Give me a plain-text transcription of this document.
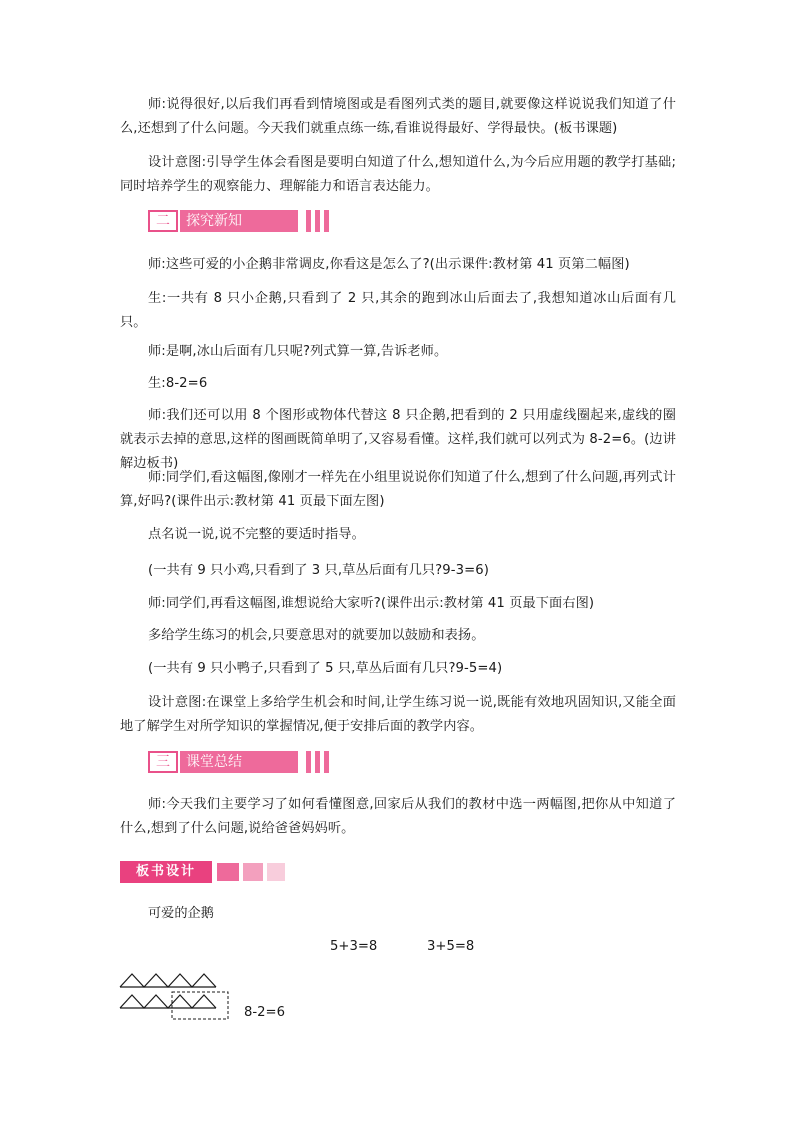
师:说得很好,以后我们再看到情境图或是看图列式类的题目,就要像这样说说我们知道了什么,还想到了什么问题。今天我们就重点练一练,看谁说得最好、学得最快。(板书课题)

设计意图:引导学生体会看图是要明白知道了什么,想知道什么,为今后应用题的教学打基础;同时培养学生的观察能力、理解能力和语言表达能力。

二	探究新知

师:这些可爱的小企鹅非常调皮,你看这是怎么了?(出示课件:教材第 41 页第二幅图)

生:一共有 8 只小企鹅,只看到了 2 只,其余的跑到冰山后面去了,我想知道冰山后面有几只。

师:是啊,冰山后面有几只呢?列式算一算,告诉老师。

生:8-2=6

师:我们还可以用 8 个图形或物体代替这 8 只企鹅,把看到的 2 只用虚线圈起来,虚线的圈就表示去掉的意思,这样的图画既简单明了,又容易看懂。这样,我们就可以列式为 8-2=6。(边讲解边板书)

师:同学们,看这幅图,像刚才一样先在小组里说说你们知道了什么,想到了什么问题,再列式计算,好吗?(课件出示:教材第 41 页最下面左图)

点名说一说,说不完整的要适时指导。

(一共有 9 只小鸡,只看到了 3 只,草丛后面有几只?9-3=6)

师:同学们,再看这幅图,谁想说给大家听?(课件出示:教材第 41 页最下面右图)

多给学生练习的机会,只要意思对的就要加以鼓励和表扬。

(一共有 9 只小鸭子,只看到了 5 只,草丛后面有几只?9-5=4)

设计意图:在课堂上多给学生机会和时间,让学生练习说一说,既能有效地巩固知识,又能全面地了解学生对所学知识的掌握情况,便于安排后面的教学内容。

三	课堂总结

师:今天我们主要学习了如何看懂图意,回家后从我们的教材中选一两幅图,把你从中知道了什么,想到了什么问题,说给爸爸妈妈听。

板书设计
可爱的企鹅
5+3=8	3+5=8
8-2=6
